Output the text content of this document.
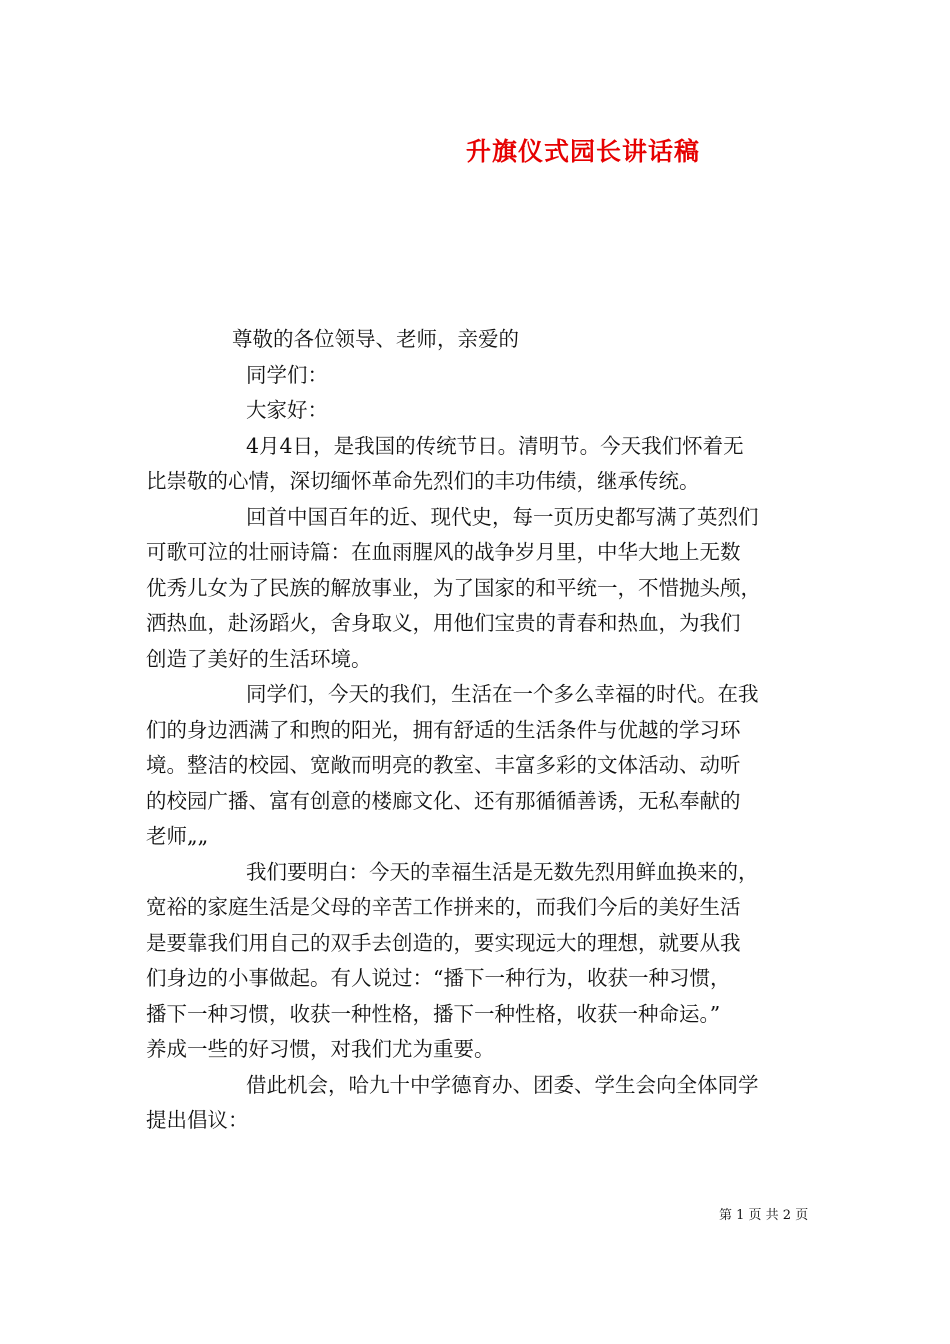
升旗仪式园长讲话稿
尊敬的各位领导、老师，亲爱的
同学们：
大家好：
4月4日，是我国的传统节日。清明节。今天我们怀着无
比崇敬的心情，深切缅怀革命先烈们的丰功伟绩，继承传统。
回首中国百年的近、现代史，每一页历史都写满了英烈们
可歌可泣的壮丽诗篇：在血雨腥风的战争岁月里，中华大地上无数
优秀儿女为了民族的解放事业，为了国家的和平统一，不惜抛头颅，
洒热血，赴汤蹈火，舍身取义，用他们宝贵的青春和热血，为我们
创造了美好的生活环境。
同学们，今天的我们，生活在一个多么幸福的时代。在我
们的身边洒满了和煦的阳光，拥有舒适的生活条件与优越的学习环
境。整洁的校园、宽敞而明亮的教室、丰富多彩的文体活动、动听
的校园广播、富有创意的楼廊文化、还有那循循善诱，无私奉献的
老师„„
我们要明白：今天的幸福生活是无数先烈用鲜血换来的，
宽裕的家庭生活是父母的辛苦工作拼来的，而我们今后的美好生活
是要靠我们用自己的双手去创造的，要实现远大的理想，就要从我
们身边的小事做起。有人说过：“播下一种行为，收获一种习惯，
播下一种习惯，收获一种性格，播下一种性格，收获一种命运。”
养成一些的好习惯，对我们尤为重要。
借此机会，哈九十中学德育办、团委、学生会向全体同学
提出倡议：
第 1 页 共 2 页
